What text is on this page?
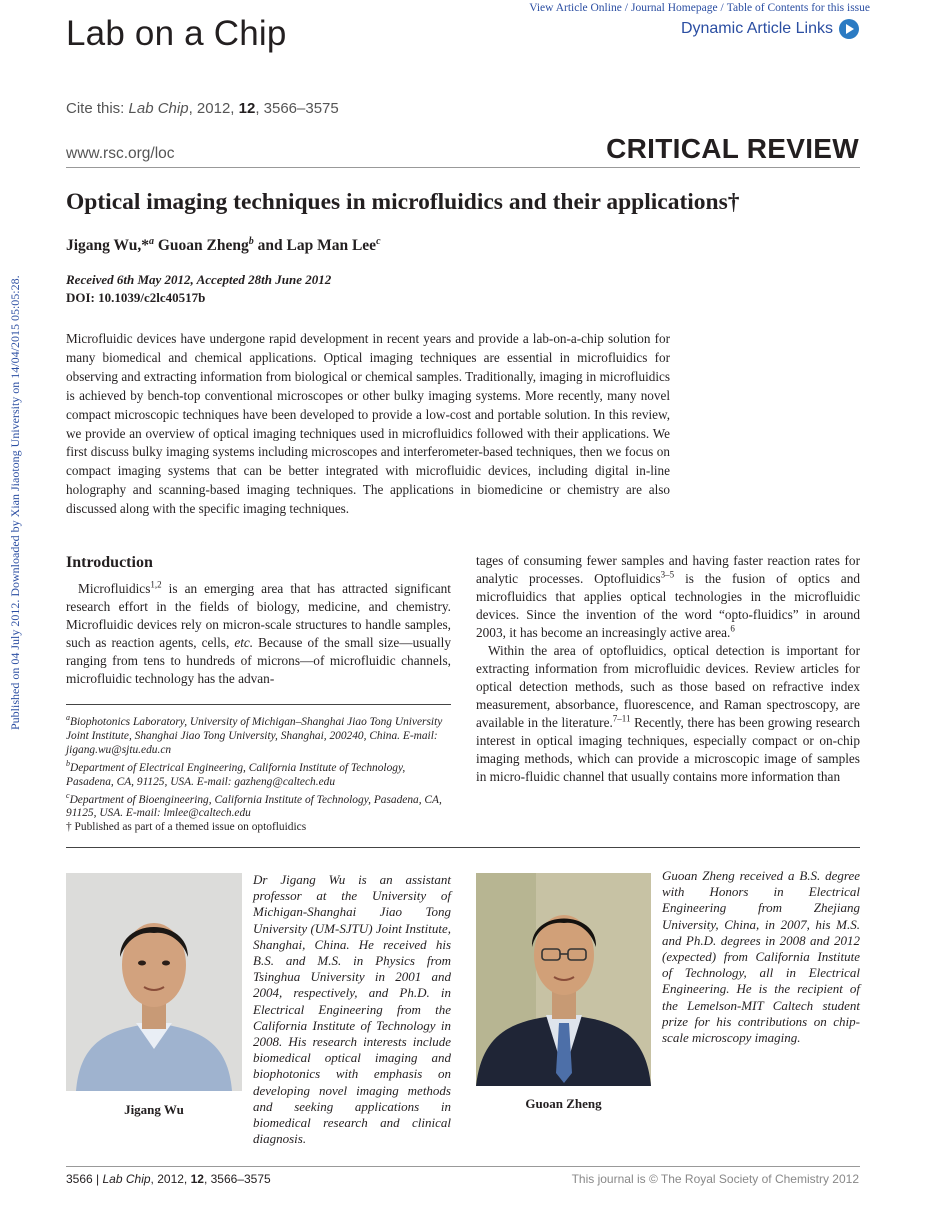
Lab on a Chip
View Article Online / Journal Homepage / Table of Contents for this issue
Dynamic Article Links
Cite this: Lab Chip, 2012, 12, 3566–3575
www.rsc.org/loc	CRITICAL REVIEW
Published on 04 July 2012. Downloaded by Xian Jiaotong University on 14/04/2015 05:05:28.
Optical imaging techniques in microfluidics and their applications†
Jigang Wu,*$^a$ Guoan Zheng$^b$ and Lap Man Lee$^c$
Received 6th May 2012, Accepted 28th June 2012
DOI: 10.1039/c2lc40517b
Microfluidic devices have undergone rapid development in recent years and provide a lab-on-a-chip solution for many biomedical and chemical applications. Optical imaging techniques are essential in microfluidics for observing and extracting information from biological or chemical samples. Traditionally, imaging in microfluidics is achieved by bench-top conventional microscopes or other bulky imaging systems. More recently, many novel compact microscopic techniques have been developed to provide a low-cost and portable solution. In this review, we provide an overview of optical imaging techniques used in microfluidics followed with their applications. We first discuss bulky imaging systems including microscopes and interferometer-based techniques, then we focus on compact imaging systems that can be better integrated with microfluidic devices, including digital in-line holography and scanning-based imaging techniques. The applications in biomedicine or chemistry are also discussed along with the specific imaging techniques.
Introduction

Microfluidics$^{1,2}$ is an emerging area that has attracted significant research effort in the fields of biology, medicine, and chemistry. Microfluidic devices rely on micron-scale structures to handle samples, such as reaction agents, cells, etc. Because of the small size—usually ranging from tens to hundreds of microns—of microfluidic channels, microfluidic technology has the advan-

tages of consuming fewer samples and having faster reaction rates for analytic processes. Optofluidics$^{3-5}$ is the fusion of optics and microfluidics that applies optical technologies in the microfluidic devices. Since the invention of the word “opto-fluidics” in around 2003, it has become an increasingly active area.$^6$

Within the area of optofluidics, optical detection is important for extracting information from microfluidic devices. Review articles for optical detection methods, such as those based on refractive index measurement, absorbance, fluorescence, and Raman spectroscopy, are available in the literature.$^{7-11}$ Recently, there has been growing research interest in optical imaging techniques, especially compact or on-chip imaging methods, which can provide a microscopic image of samples in micro-fluidic channel that usually contains more information than

$^a$Biophotonics Laboratory, University of Michigan–Shanghai Jiao Tong University Joint Institute, Shanghai Jiao Tong University, Shanghai, 200240, China. E-mail: jigang.wu@sjtu.edu.cn

$^b$Department of Electrical Engineering, California Institute of Technology, Pasadena, CA, 91125, USA. E-mail: gazheng@caltech.edu

$^c$Department of Bioengineering, California Institute of Technology, Pasadena, CA, 91125, USA. E-mail: lmlee@caltech.edu

† Published as part of a themed issue on optofluidics

Jigang Wu
Dr Jigang Wu is an assistant professor at the University of Michigan-Shanghai Jiao Tong University (UM-SJTU) Joint Institute, Shanghai, China. He received his B.S. and M.S. in Physics from Tsinghua University in 2001 and 2004, respectively, and Ph.D. in Electrical Engineering from the California Institute of Technology in 2008. His research interests include biomedical optical imaging and biophotonics with emphasis on developing novel imaging methods and seeking applications in biomedical research and clinical diagnosis.
Guoan Zheng
Guoan Zheng received a B.S. degree with Honors in Electrical Engineering from Zhejiang University, China, in 2007, his M.S. and Ph.D. degrees in 2008 and 2012 (expected) from California Institute of Technology, all in Electrical Engineering. He is the recipient of the Lemelson-MIT Caltech student prize for his contributions on chip-scale microscopy imaging.
3566 | Lab Chip, 2012, 12, 3566–3575	This journal is © The Royal Society of Chemistry 2012
